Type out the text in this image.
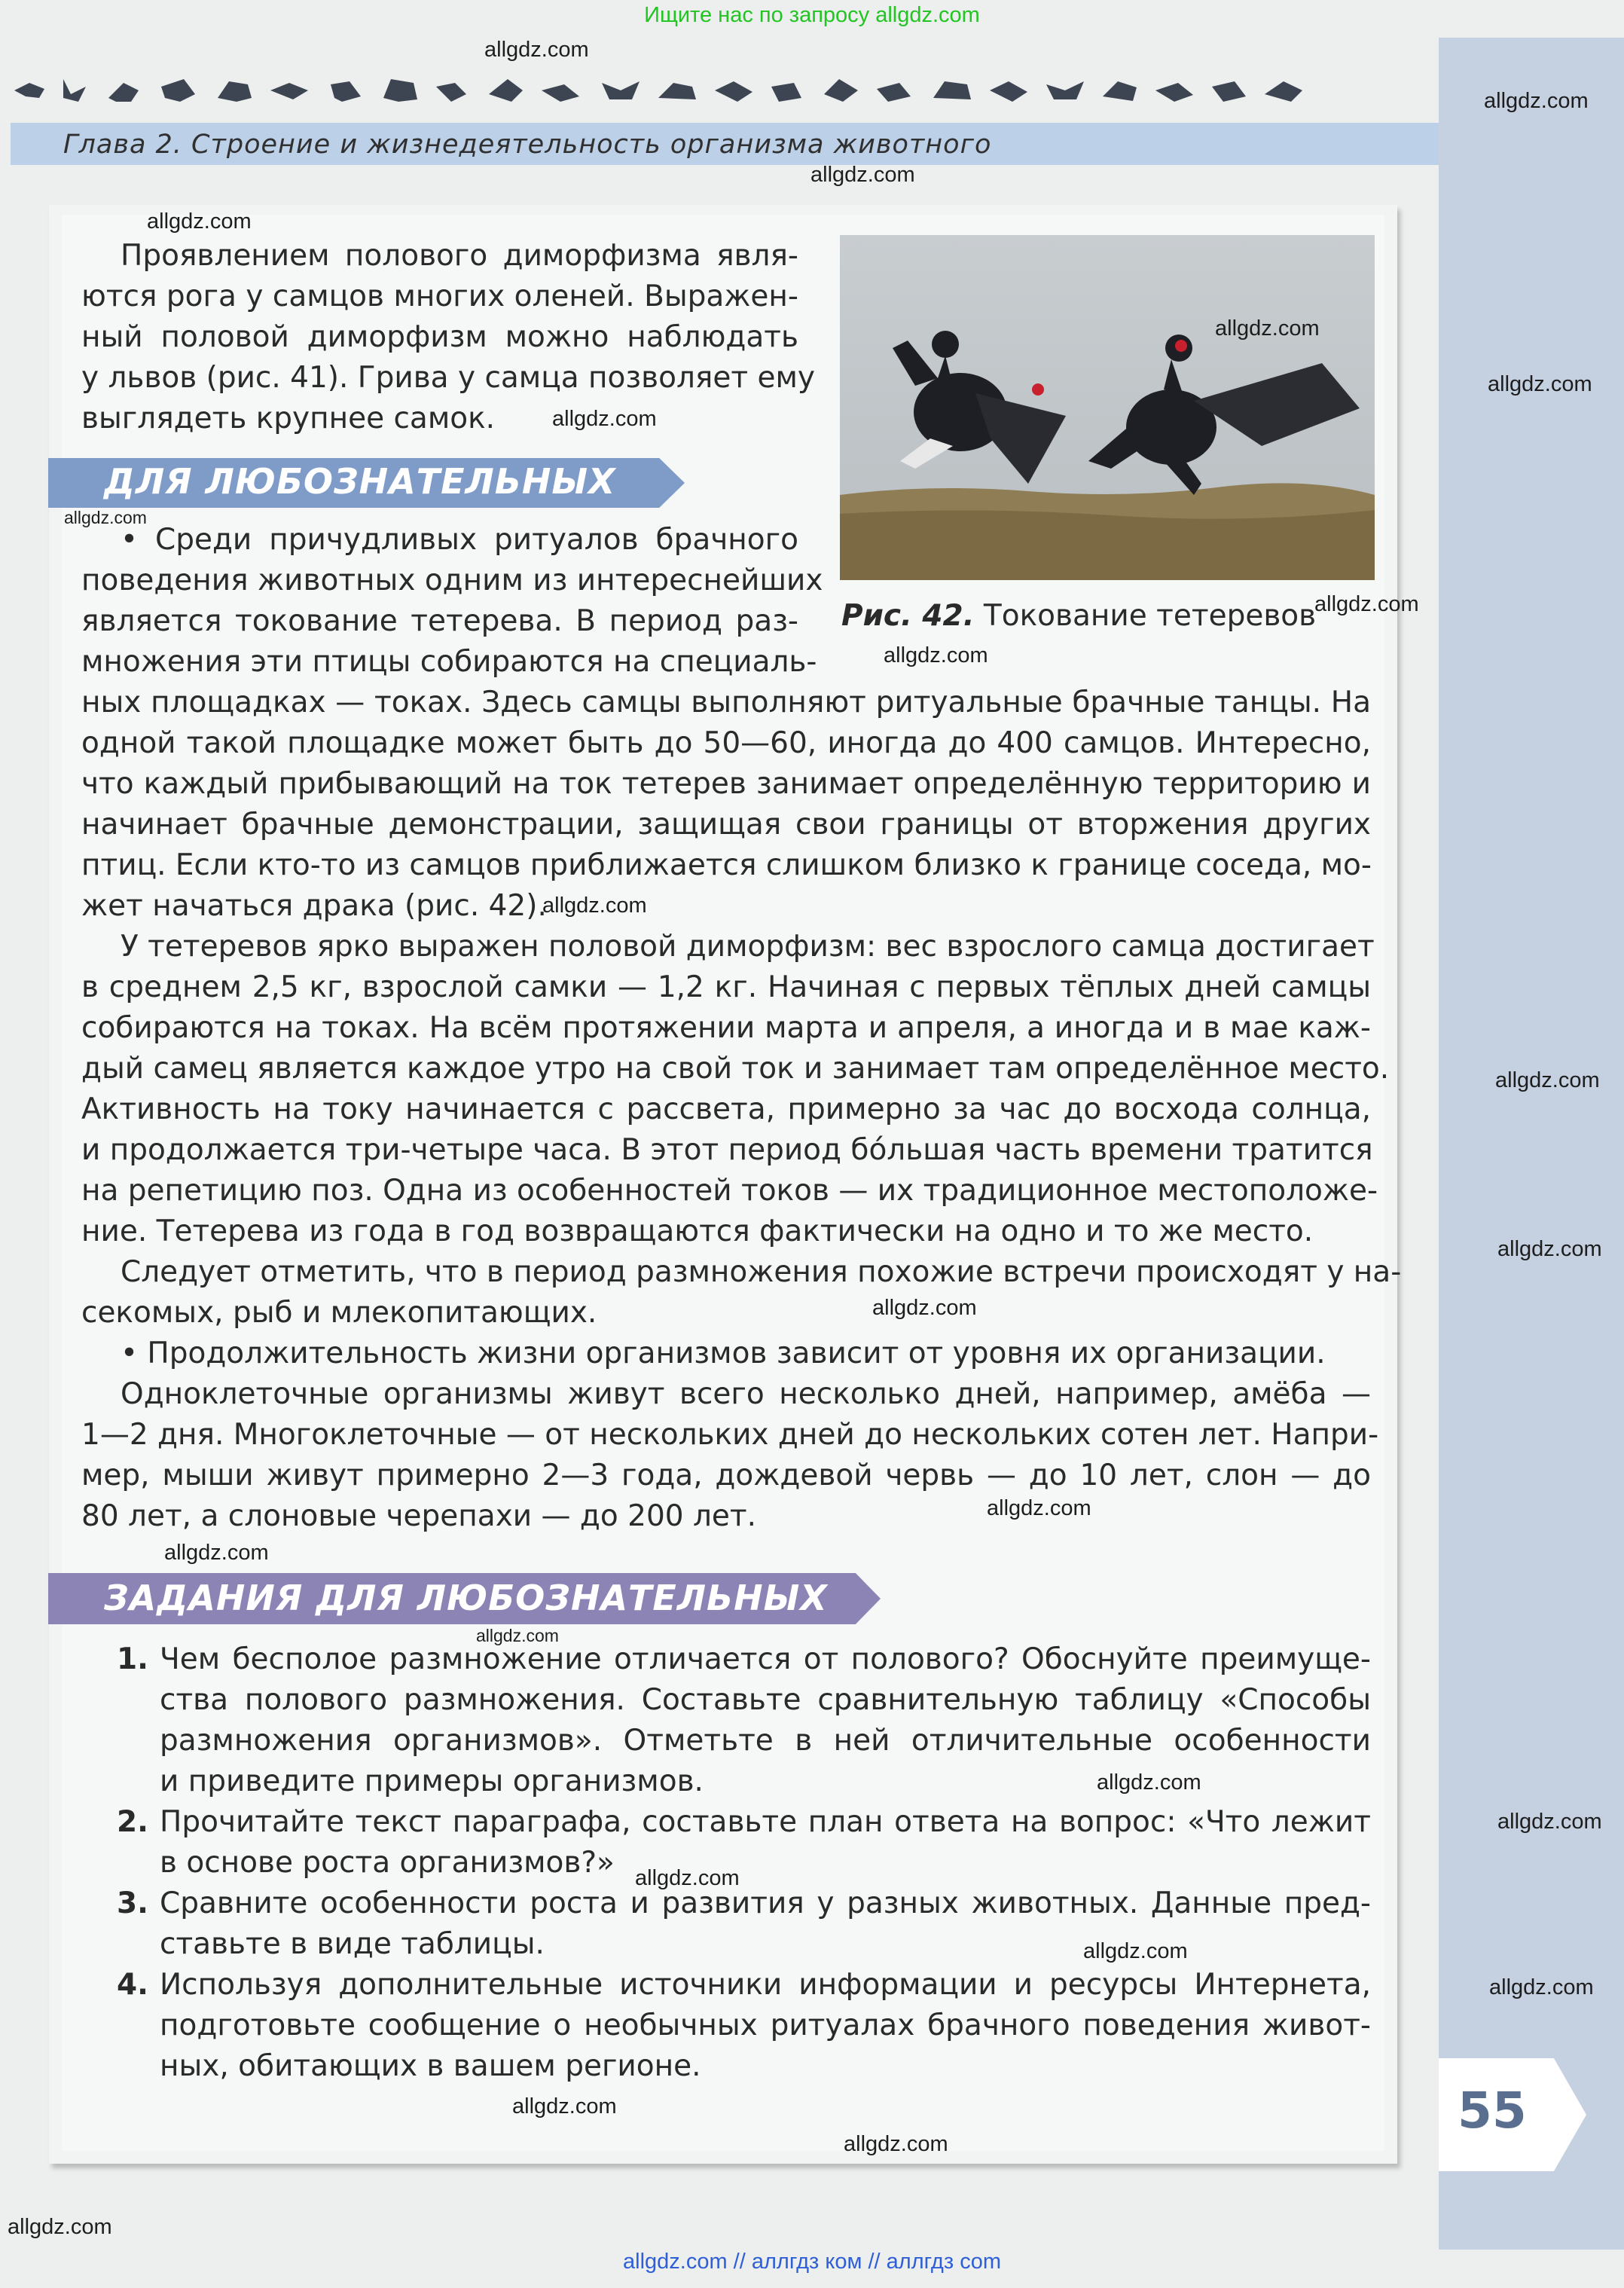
Ищите нас по запросу allgdz.com
Глава 2. Строение и жизнедеятельность организма животного
Проявлением полового диморфизма явля-
ются рога у самцов многих оленей. Выражен-
ный половой диморфизм можно наблюдать
у львов (рис. 41). Грива у самца позволяет ему
выглядеть крупнее самок.
ДЛЯ ЛЮБОЗНАТЕЛЬНЫХ
Рис. 42. Токование тетеревов
• Среди причудливых ритуалов брачного
поведения животных одним из интереснейших
является токование тетерева. В период раз-
множения эти птицы собираются на специаль-
ных площадках — токах. Здесь самцы выполняют ритуальные брачные танцы. На
одной такой площадке может быть до 50—60, иногда до 400 самцов. Интересно,
что каждый прибывающий на ток тетерев занимает определённую территорию и
начинает брачные демонстрации, защищая свои границы от вторжения других
птиц. Если кто-то из самцов приближается слишком близко к границе соседа, мо-
жет начаться драка (рис. 42).
У тетеревов ярко выражен половой диморфизм: вес взрослого самца достигает
в среднем 2,5 кг, взрослой самки — 1,2 кг. Начиная с первых тёплых дней самцы
собираются на токах. На всём протяжении марта и апреля, а иногда и в мае каж-
дый самец является каждое утро на свой ток и занимает там определённое место.
Активность на току начинается с рассвета, примерно за час до восхода солнца,
и продолжается три-четыре часа. В этот период бóльшая часть времени тратится
на репетицию поз. Одна из особенностей токов — их традиционное местоположе-
ние. Тетерева из года в год возвращаются фактически на одно и то же место.
Следует отметить, что в период размножения похожие встречи происходят у на-
секомых, рыб и млекопитающих.
• Продолжительность жизни организмов зависит от уровня их организации.
Одноклеточные организмы живут всего несколько дней, например, амёба —
1—2 дня. Многоклеточные — от нескольких дней до нескольких сотен лет. Напри-
мер, мыши живут примерно 2—3 года, дождевой червь — до 10 лет, слон — до
80 лет, а слоновые черепахи — до 200 лет.
ЗАДАНИЯ ДЛЯ ЛЮБОЗНАТЕЛЬНЫХ
1. Чем бесполое размножение отличается от полового? Обоснуйте преимуще-
ства полового размножения. Составьте сравнительную таблицу «Способы
размножения организмов». Отметьте в ней отличительные особенности
и приведите примеры организмов.
2. Прочитайте текст параграфа, составьте план ответа на вопрос: «Что лежит
в основе роста организмов?»
3. Сравните особенности роста и развития у разных животных. Данные пред-
ставьте в виде таблицы.
4. Используя дополнительные источники информации и ресурсы Интернета,
подготовьте сообщение о необычных ритуалах брачного поведения живот-
ных, обитающих в вашем регионе.
55
allgdz.com
allgdz.com
allgdz.com
allgdz.com
allgdz.com
allgdz.com
allgdz.com
allgdz.com
allgdz.com
allgdz.com
allgdz.com
allgdz.com
allgdz.com
allgdz.com
allgdz.com
allgdz.com
allgdz.com
allgdz.com
allgdz.com
allgdz.com
allgdz.com
allgdz.com
allgdz.com
allgdz.com
allgdz.com
allgdz.com // аллгдз ком // аллгдз com
